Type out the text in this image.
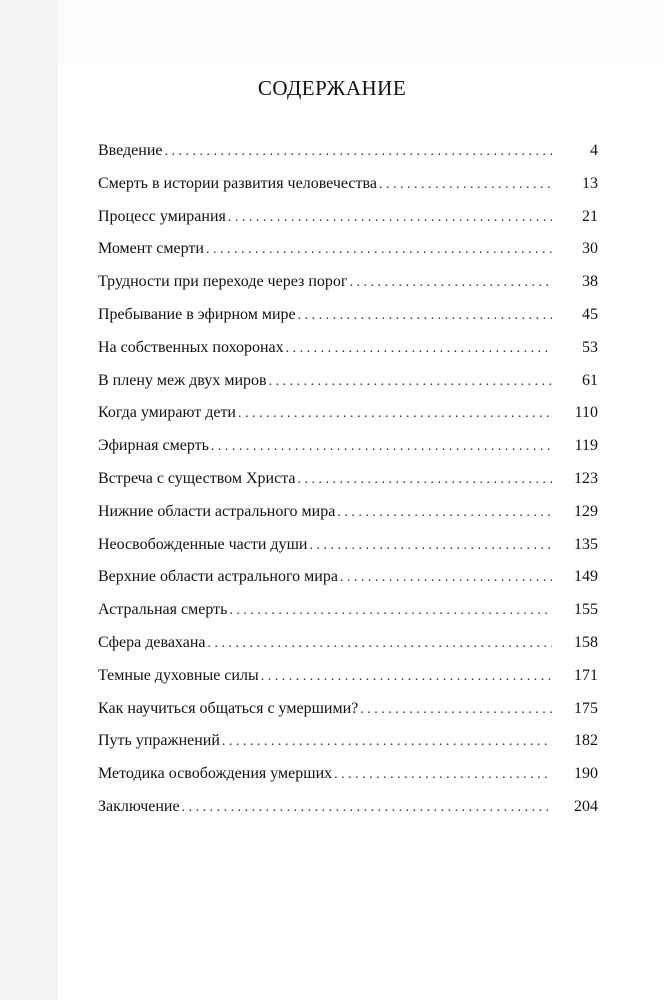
СОДЕРЖАНИЕ
Введение . . .	4
Смерть в истории развития человечества . . .	13
Процесс умирания . . .	21
Момент смерти . . .	30
Трудности при переходе через порог . . .	38
Пребывание в эфирном мире . . .	45
На собственных похоронах . . .	53
В плену меж двух миров . . .	61
Когда умирают дети . . .	110
Эфирная смерть . . .	119
Встреча с существом Христа . . .	123
Нижние области астрального мира . . .	129
Неосвобожденные части души . . .	135
Верхние области астрального мира . . .	149
Астральная смерть . . .	155
Сфера девахана . . .	158
Темные духовные силы . . .	171
Как научиться общаться с умершими? . . .	175
Путь упражнений . . .	182
Методика освобождения умерших . . .	190
Заключение . . .	204
